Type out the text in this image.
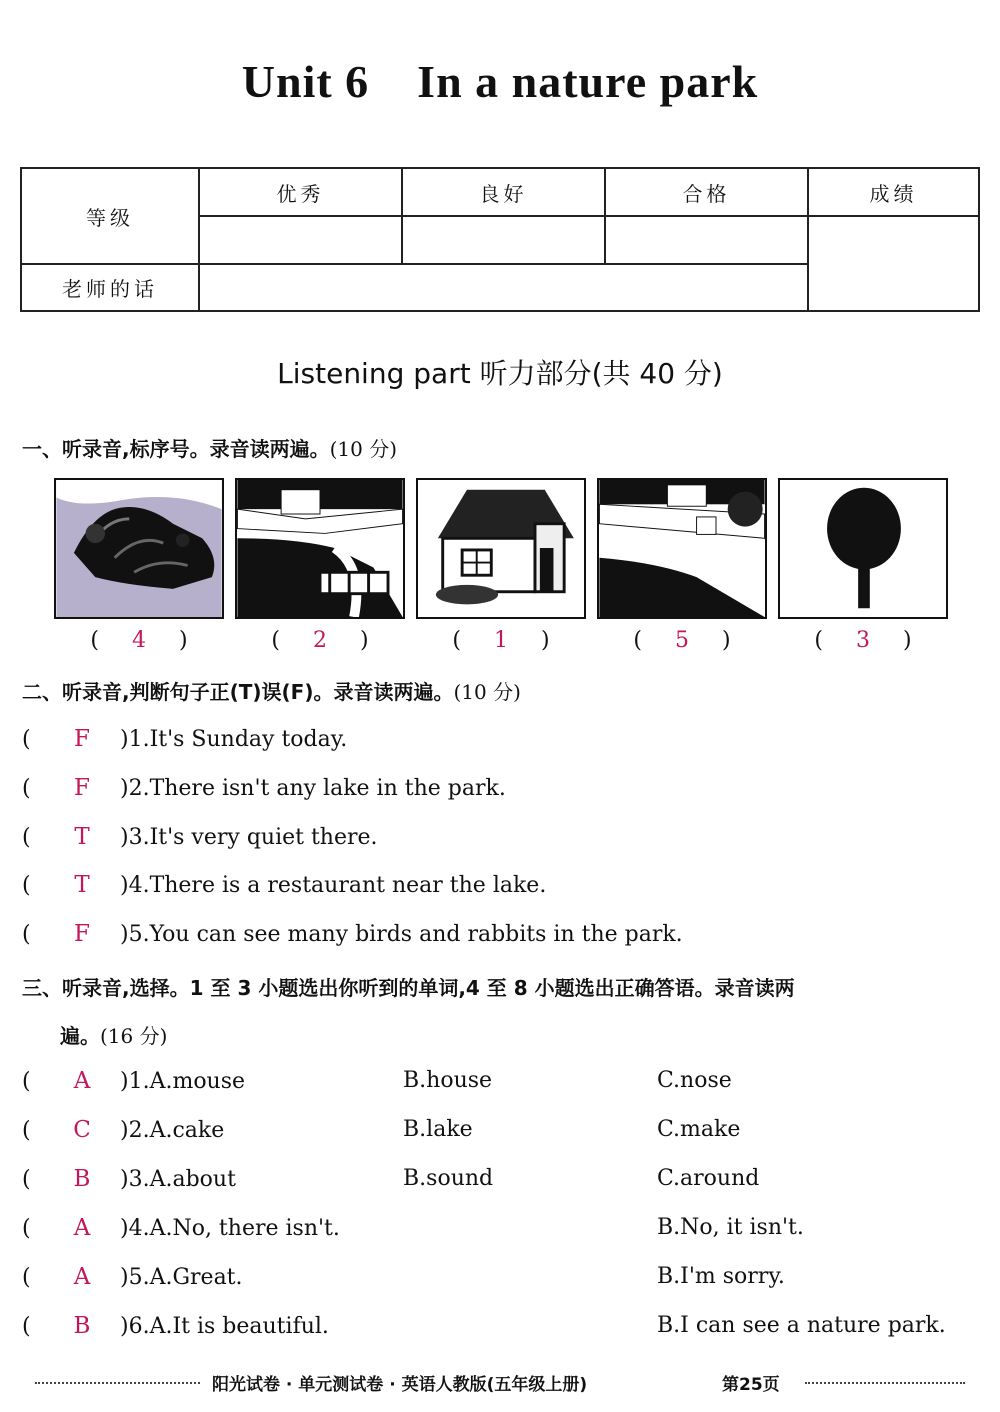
Unit 6 In a nature park
等级	优秀	良好	合格	成绩

老师的话				
Listening part 听力部分(共 40 分)
一、听录音,标序号。录音读两遍。(10 分)
( 4 )	( 2 )	( 1 )	( 5 )	( 3 )
二、听录音,判断句子正(T)误(F)。录音读两遍。(10 分)
( F )1.It's Sunday today.
( F )2.There isn't any lake in the park.
( T )3.It's very quiet there.
( T )4.There is a restaurant near the lake.
( F )5.You can see many birds and rabbits in the park.
三、听录音,选择。1 至 3 小题选出你听到的单词,4 至 8 小题选出正确答语。录音读两
遍。(16 分)
( A )1.A.mouse	B.house	C.nose
( C )2.A.cake	B.lake	C.make
( B )3.A.about	B.sound	C.around
( A )4.A.No, there isn't.	B.No, it isn't.
( A )5.A.Great.	B.I'm sorry.
( B )6.A.It is beautiful.	B.I can see a nature park.
阳光试卷 · 单元测试卷 · 英语人教版(五年级上册)	第25页
